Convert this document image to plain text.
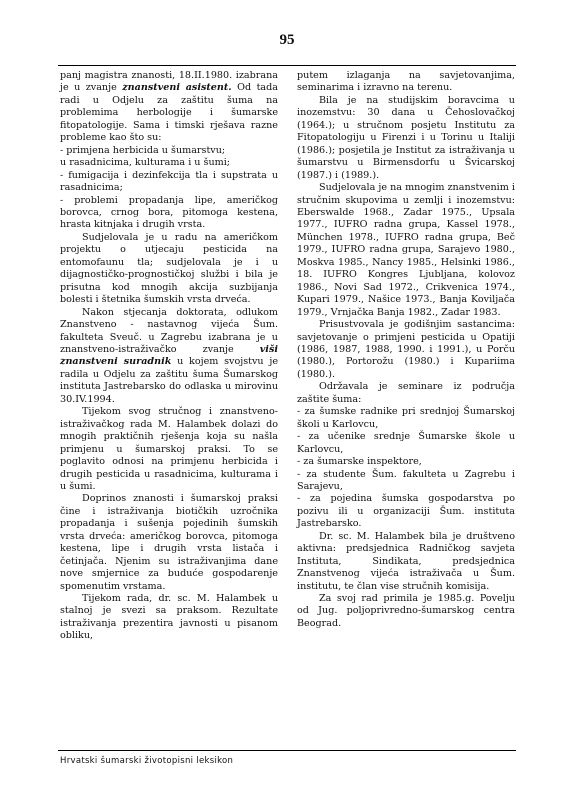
95

panj magistra znanosti, 18.II.1980. izabrana je u zvanje znanstveni asistent. Od tada radi u Odjelu za zaštitu šuma na problemima herbologije i šumarske fitopatologije. Sama i timski rješava razne probleme kao što su:

- primjena herbicida u šumarstvu;

u rasadnicima, kulturama i u šumi;

- fumigacija i dezinfekcija tla i supstrata u rasadnicima;

- problemi propadanja lipe, američkog borovca, crnog bora, pitomoga kestena, hrasta kitnjaka i drugih vrsta.

Sudjelovala je u radu na američkom projektu o utjecaju pesticida na entomofaunu tla; sudjelovala je i u dijagnostičko-prognostičkoj službi i bila je prisutna kod mnogih akcija suzbijanja bolesti i štetnika šumskih vrsta drveća.

Nakon stjecanja doktorata, odlukom Znanstveno - nastavnog vijeća Šum. fakulteta Sveuč. u Zagrebu izabrana je u znanstveno-istraživačko zvanje viši znanstveni suradnik u kojem svojstvu je radila u Odjelu za zaštitu šuma Šumarskog instituta Jastrebarsko do odlaska u mirovinu 30.IV.1994.

Tijekom svog stručnog i znanstveno-istraživačkog rada M. Halambek dolazi do mnogih praktičnih rješenja koja su našla primjenu u šumarskoj praksi. To se poglavito odnosi na primjenu herbicida i drugih pesticida u rasadnicima, kulturama i u šumi.

Doprinos znanosti i šumarskoj praksi čine i istraživanja biotičkih uzročnika propadanja i sušenja pojedinih šumskih vrsta drveća: američkog borovca, pitomoga kestena, lipe i drugih vrsta listača i četinjača. Njenim su istraživanjima dane nove smjernice za buduće gospodarenje spomenutim vrstama.

Tijekom rada, dr. sc. M. Halambek u stalnoj je svezi sa praksom. Rezultate istraživanja prezentira javnosti u pisanom obliku,

putem izlaganja na savjetovanjima, seminarima i izravno na terenu.

Bila je na studijskim boravcima u inozemstvu: 30 dana u Čehoslovačkoj (1964.); u stručnom posjetu Institutu za Fitopatologiju u Firenzi i u Torinu u Italiji (1986.); posjetila je Institut za istraživanja u šumarstvu u Birmensdorfu u Švicarskoj (1987.) i (1989.).

Sudjelovala je na mnogim znanstvenim i stručnim skupovima u zemlji i inozemstvu: Eberswalde 1968., Zadar 1975., Upsala 1977., IUFRO radna grupa, Kassel 1978., München 1978., IUFRO radna grupa, Beč 1979., IUFRO radna grupa, Sarajevo 1980., Moskva 1985., Nancy 1985., Helsinki 1986., 18. IUFRO Kongres Ljubljana, kolovoz 1986., Novi Sad 1972., Crikvenica 1974., Kupari 1979., Našice 1973., Banja Koviljača 1979., Vrnjačka Banja 1982., Zadar 1983.

Prisustvovala je godišnjim sastancima: savjetovanje o primjeni pesticida u Opatiji (1986, 1987, 1988, 1990. i 1991.), u Porču (1980.), Portorožu (1980.) i Kupariima (1980.).

Održavala je seminare iz područja zaštite šuma:

- za šumske radnike pri srednjoj Šumarskoj školi u Karlovcu,

- za učenike srednje Šumarske škole u Karlovcu,

- za šumarske inspektore,

- za studente Šum. fakulteta u Zagrebu i Sarajevu,

- za pojedina šumska gospodarstva po pozivu ili u organizaciji Šum. instituta Jastrebarsko.

Dr. sc. M. Halambek bila je društveno aktivna: predsjednica Radničkog savjeta Instituta, Sindikata, predsjednica Znanstvenog vijeća istraživača u Šum. institutu, te član vise stručnih komisija.

Za svoj rad primila je 1985.g. Povelju od Jug. poljoprivredno-šumarskog centra Beograd.

Hrvatski šumarski životopisni leksikon
